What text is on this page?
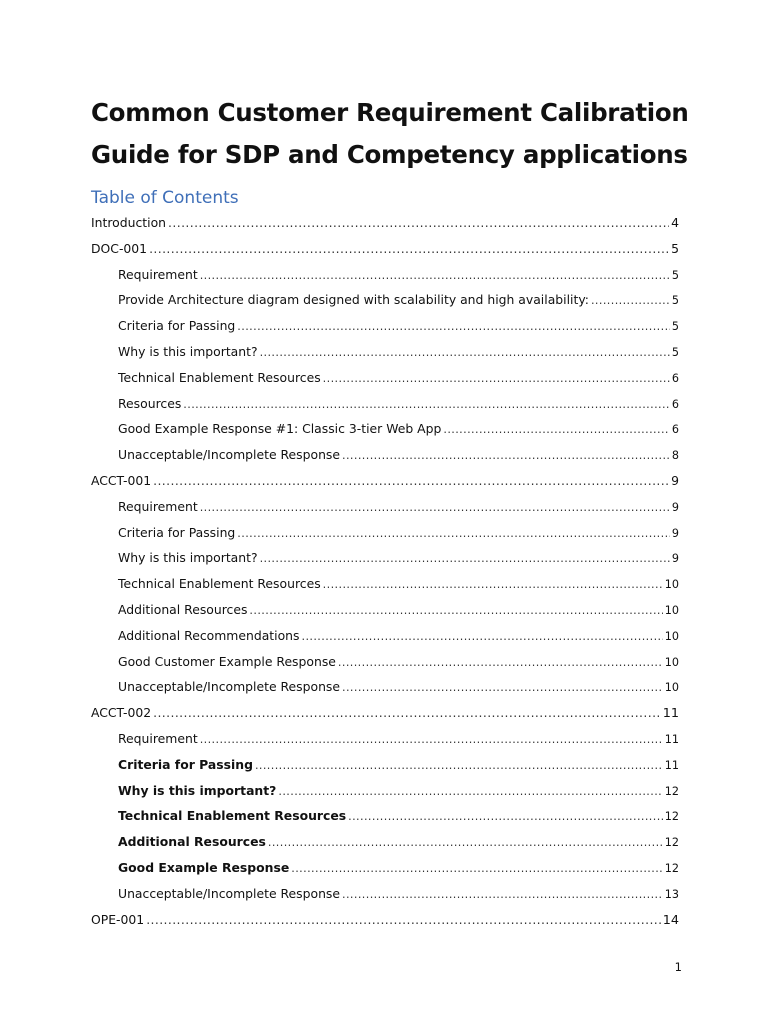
Common Customer Requirement Calibration Guide for SDP and Competency applications
Table of Contents
Introduction .....	4
DOC-001 .....	5
Requirement .....	5
Provide Architecture diagram designed with scalability and high availability: .....	5
Criteria for Passing .....	5
Why is this important? .....	5
Technical Enablement Resources .....	6
Resources .....	6
Good Example Response #1: Classic 3-tier Web App .....	6
Unacceptable/Incomplete Response .....	8
ACCT-001 .....	9
Requirement .....	9
Criteria for Passing .....	9
Why is this important? .....	9
Technical Enablement Resources .....	10
Additional Resources .....	10
Additional Recommendations .....	10
Good Customer Example Response .....	10
Unacceptable/Incomplete Response .....	10
ACCT-002 .....	11
Requirement .....	11
Criteria for Passing .....	11
Why is this important? .....	12
Technical Enablement Resources .....	12
Additional Resources .....	12
Good Example Response .....	12
Unacceptable/Incomplete Response .....	13
OPE-001 .....	14
1
